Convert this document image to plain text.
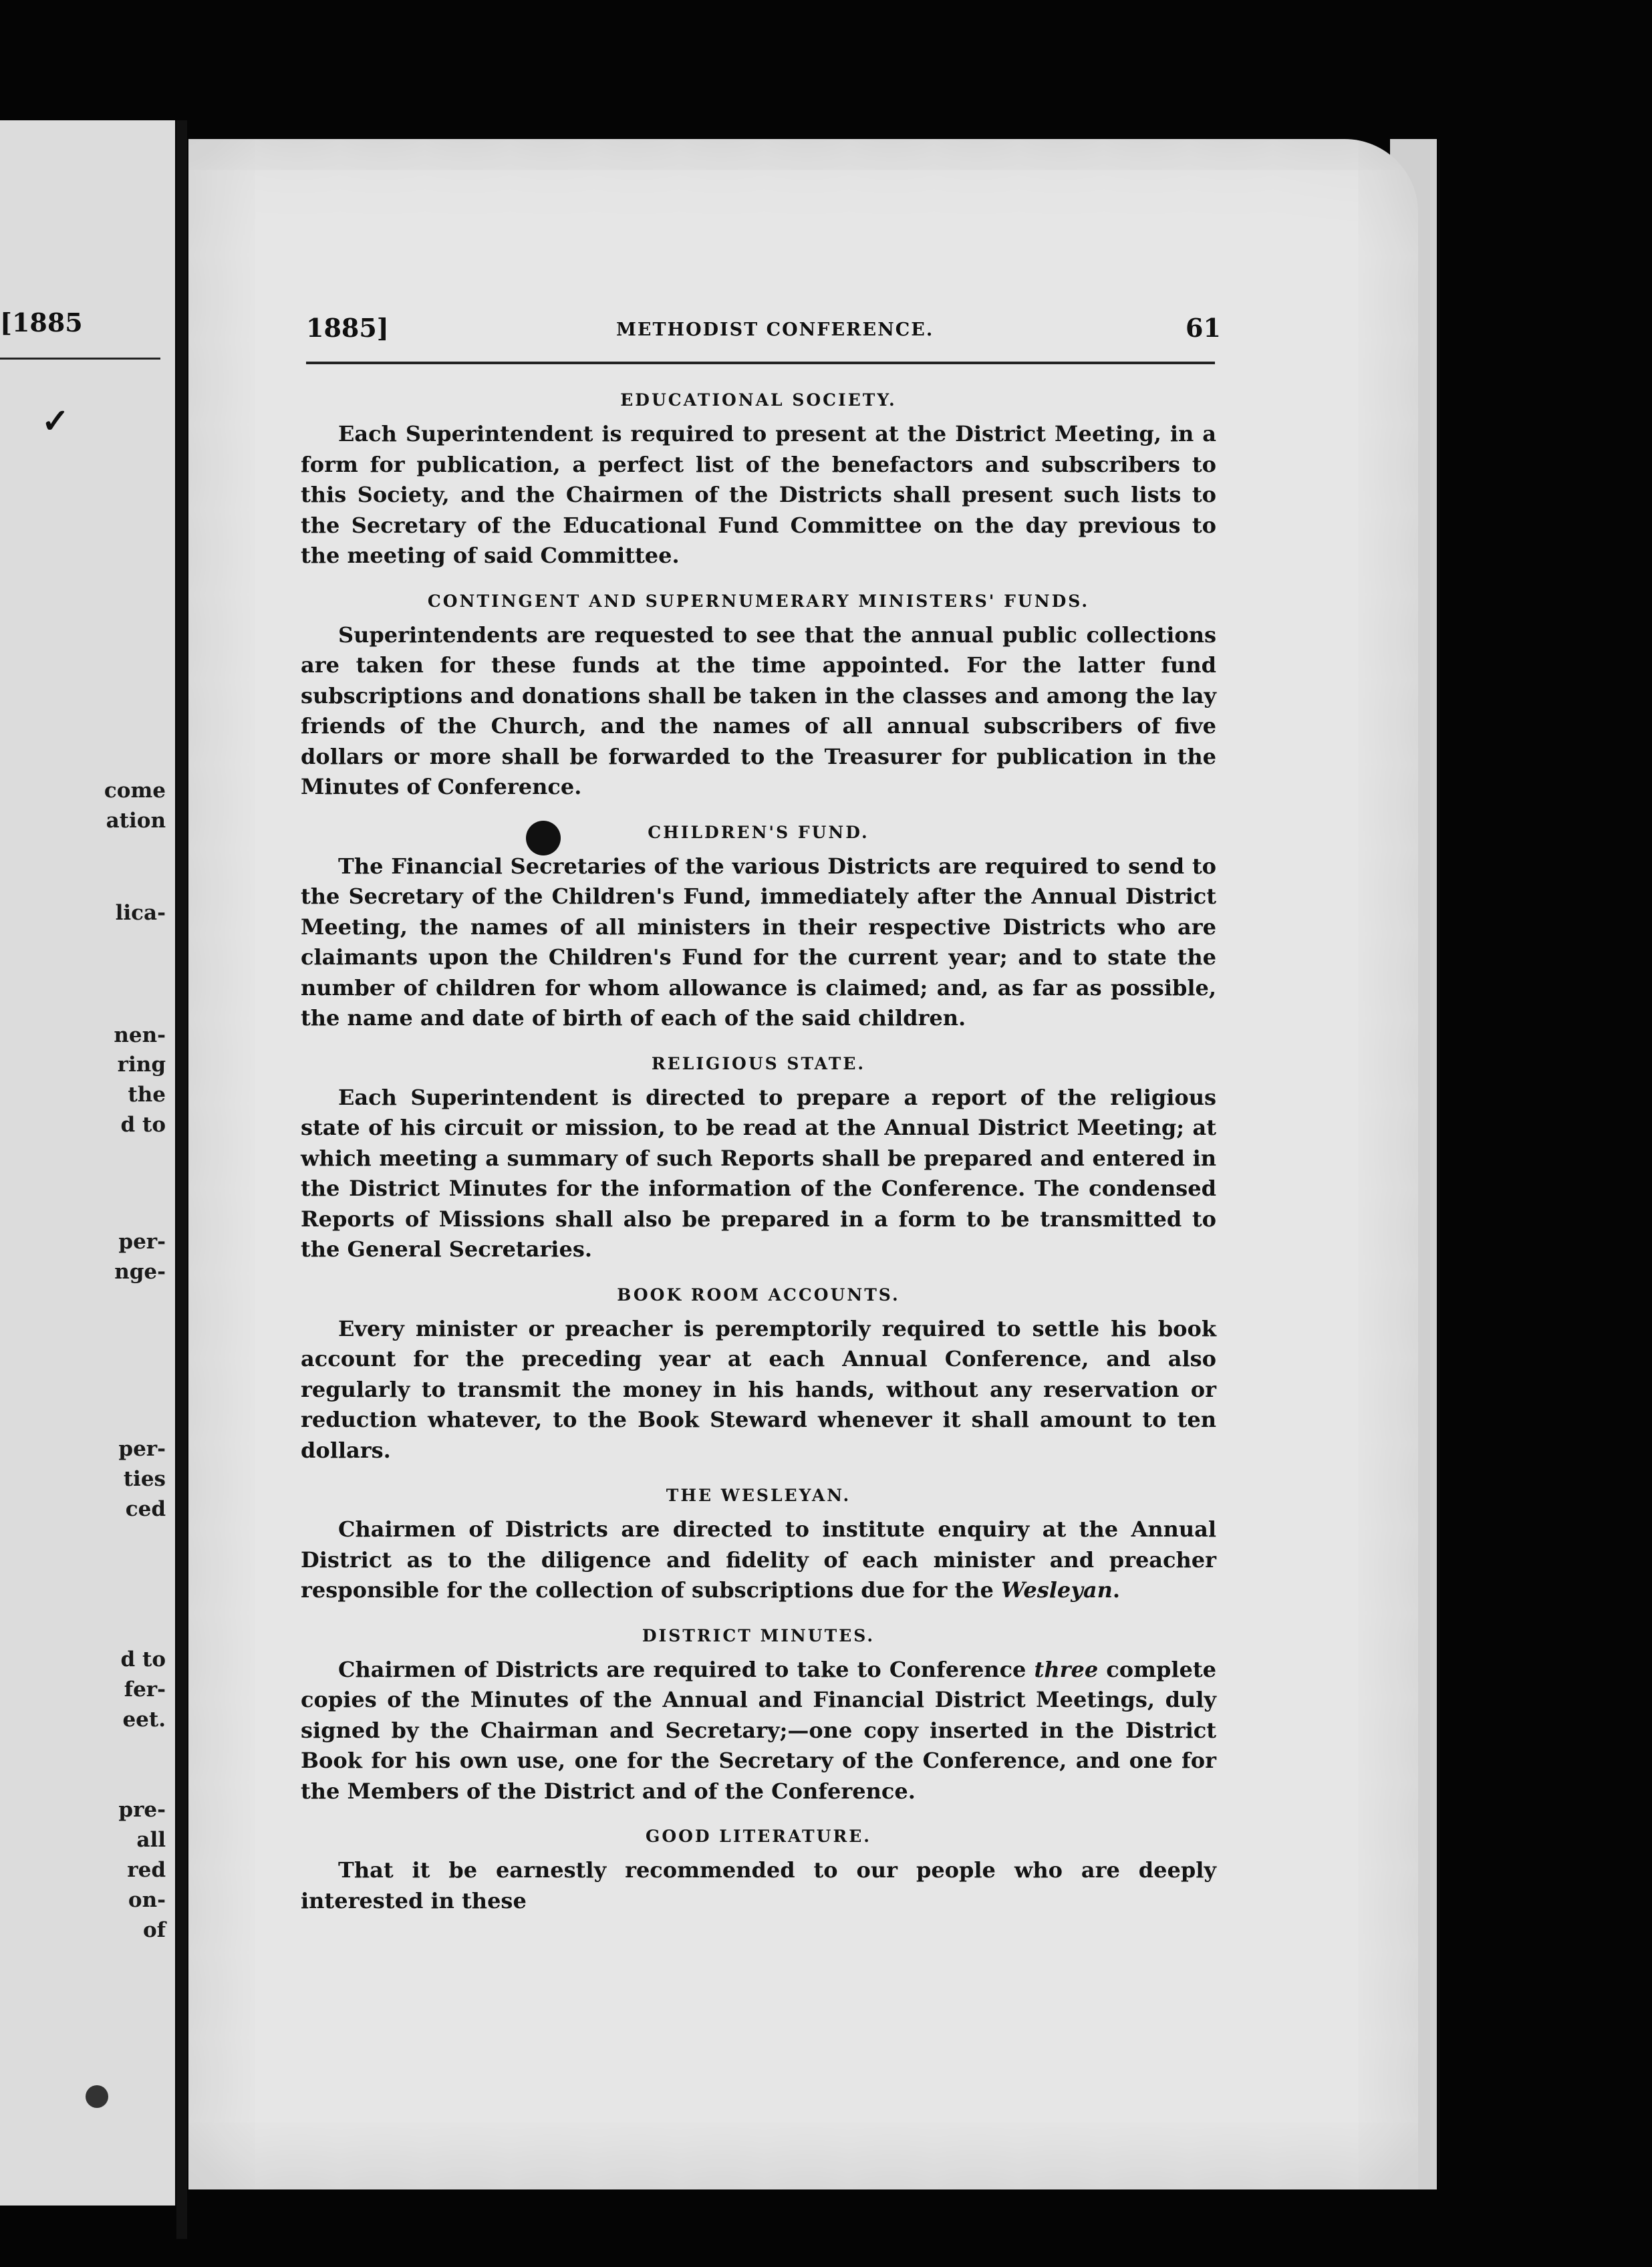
[1885
✓
come
ation
lica-
nen-
ring
the
d to
per-
nge-
per-
ties
ced
d to
fer-
eet.
pre-
all
red
on-
of
1885]	METHODIST CONFERENCE.	61
EDUCATIONAL SOCIETY.

Each Superintendent is required to present at the District Meeting, in a form for publication, a perfect list of the benefactors and subscribers to this Society, and the Chairmen of the Districts shall present such lists to the Secretary of the Educational Fund Committee on the day previous to the meeting of said Committee.

CONTINGENT AND SUPERNUMERARY MINISTERS' FUNDS.

Superintendents are requested to see that the annual public collections are taken for these funds at the time appointed. For the latter fund subscriptions and donations shall be taken in the classes and among the lay friends of the Church, and the names of all annual subscribers of five dollars or more shall be forwarded to the Treasurer for publication in the Minutes of Conference.

CHILDREN'S FUND.

The Financial Secretaries of the various Districts are required to send to the Secretary of the Children's Fund, immediately after the Annual District Meeting, the names of all ministers in their respective Districts who are claimants upon the Children's Fund for the current year; and to state the number of children for whom allowance is claimed; and, as far as possible, the name and date of birth of each of the said children.

RELIGIOUS STATE.

Each Superintendent is directed to prepare a report of the religious state of his circuit or mission, to be read at the Annual District Meeting; at which meeting a summary of such Reports shall be prepared and entered in the District Minutes for the information of the Conference. The condensed Reports of Missions shall also be prepared in a form to be transmitted to the General Secretaries.

BOOK ROOM ACCOUNTS.

Every minister or preacher is peremptorily required to settle his book account for the preceding year at each Annual Conference, and also regularly to transmit the money in his hands, without any reservation or reduction whatever, to the Book Steward whenever it shall amount to ten dollars.

THE WESLEYAN.

Chairmen of Districts are directed to institute enquiry at the Annual District as to the diligence and fidelity of each minister and preacher responsible for the collection of subscriptions due for the Wesleyan.

DISTRICT MINUTES.

Chairmen of Districts are required to take to Conference three complete copies of the Minutes of the Annual and Financial District Meetings, duly signed by the Chairman and Secretary;—one copy inserted in the District Book for his own use, one for the Secretary of the Conference, and one for the Members of the District and of the Conference.

GOOD LITERATURE.

That it be earnestly recommended to our people who are deeply interested in these
